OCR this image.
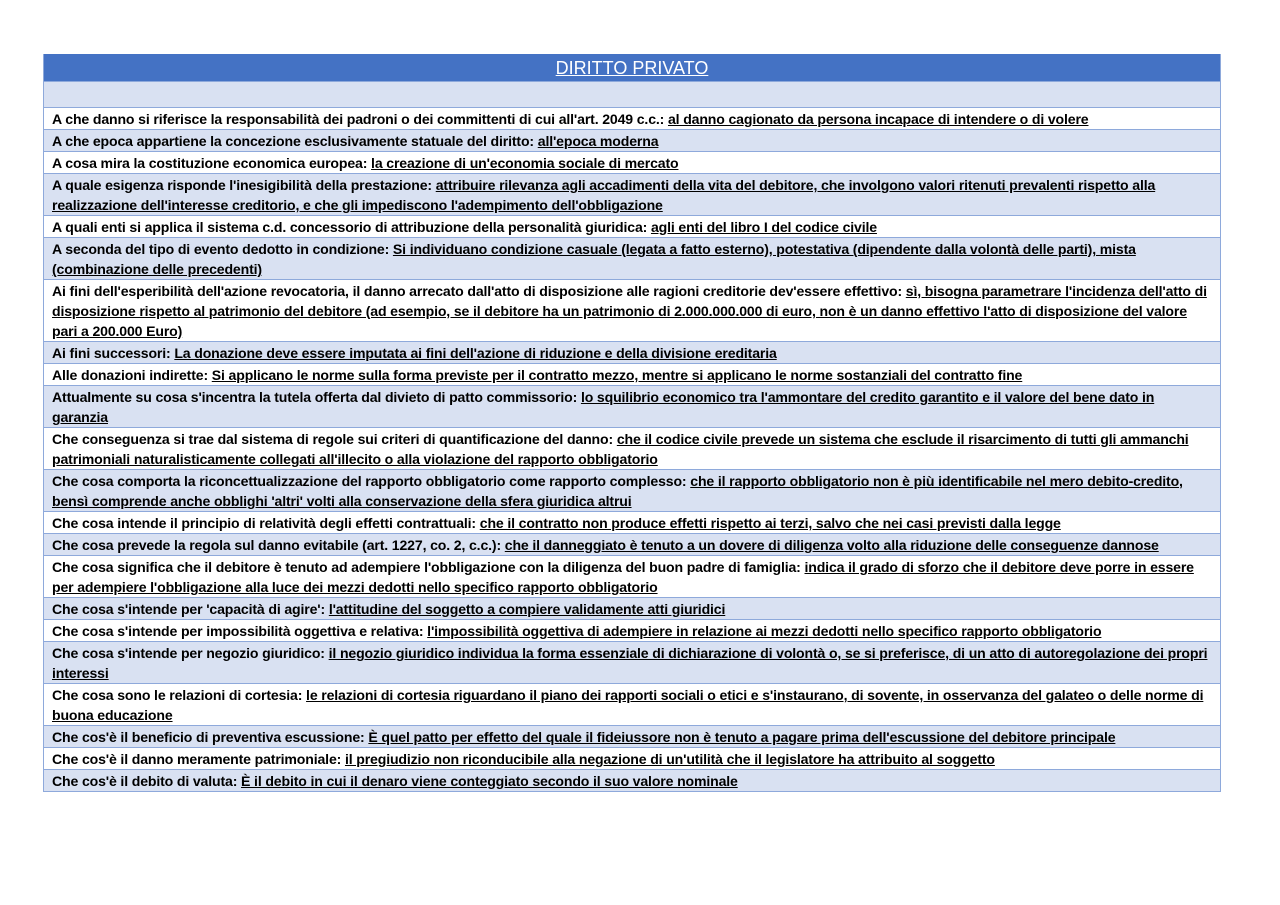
DIRITTO PRIVATO
A che danno si riferisce la responsabilità dei padroni o dei committenti di cui all'art. 2049 c.c.: al danno cagionato da persona incapace di intendere o di volere
A che epoca appartiene la concezione esclusivamente statuale del diritto: all'epoca moderna
A cosa mira la costituzione economica europea: la creazione di un'economia sociale di mercato
A quale esigenza risponde l'inesigibilità della prestazione: attribuire rilevanza agli accadimenti della vita del debitore, che involgono valori ritenuti prevalenti rispetto alla realizzazione dell'interesse creditorio, e che gli impediscono l'adempimento dell'obbligazione
A quali enti si applica il sistema c.d. concessorio di attribuzione della personalità giuridica: agli enti del libro I del codice civile
A seconda del tipo di evento dedotto in condizione: Si individuano condizione casuale (legata a fatto esterno), potestativa (dipendente dalla volontà delle parti), mista (combinazione delle precedenti)
Ai fini dell'esperibilità dell'azione revocatoria, il danno arrecato dall'atto di disposizione alle ragioni creditorie dev'essere effettivo: sì, bisogna parametrare l'incidenza dell'atto di disposizione rispetto al patrimonio del debitore (ad esempio, se il debitore ha un patrimonio di 2.000.000.000 di euro, non è un danno effettivo l'atto di disposizione del valore pari a 200.000 Euro)
Ai fini successori: La donazione deve essere imputata ai fini dell'azione di riduzione e della divisione ereditaria
Alle donazioni indirette: Si applicano le norme sulla forma previste per il contratto mezzo, mentre si applicano le norme sostanziali del contratto fine
Attualmente su cosa s'incentra la tutela offerta dal divieto di patto commissorio: lo squilibrio economico tra l'ammontare del credito garantito e il valore del bene dato in garanzia
Che conseguenza si trae dal sistema di regole sui criteri di quantificazione del danno: che il codice civile prevede un sistema che esclude il risarcimento di tutti gli ammanchi patrimoniali naturalisticamente collegati all'illecito o alla violazione del rapporto obbligatorio
Che cosa comporta la riconcettualizzazione del rapporto obbligatorio come rapporto complesso: che il rapporto obbligatorio non è più identificabile nel mero debito-credito, bensì comprende anche obblighi 'altri' volti alla conservazione della sfera giuridica altrui
Che cosa intende il principio di relatività degli effetti contrattuali: che il contratto non produce effetti rispetto ai terzi, salvo che nei casi previsti dalla legge
Che cosa prevede la regola sul danno evitabile (art. 1227, co. 2, c.c.): che il danneggiato è tenuto a un dovere di diligenza volto alla riduzione delle conseguenze dannose
Che cosa significa che il debitore è tenuto ad adempiere l'obbligazione con la diligenza del buon padre di famiglia: indica il grado di sforzo che il debitore deve porre in essere per adempiere l'obbligazione alla luce dei mezzi dedotti nello specifico rapporto obbligatorio
Che cosa s'intende per 'capacità di agire': l'attitudine del soggetto a compiere validamente atti giuridici
Che cosa s'intende per impossibilità oggettiva e relativa: l'impossibilità oggettiva di adempiere in relazione ai mezzi dedotti nello specifico rapporto obbligatorio
Che cosa s'intende per negozio giuridico: il negozio giuridico individua la forma essenziale di dichiarazione di volontà o, se si preferisce, di un atto di autoregolazione dei propri interessi
Che cosa sono le relazioni di cortesia: le relazioni di cortesia riguardano il piano dei rapporti sociali o etici e s'instaurano, di sovente, in osservanza del galateo o delle norme di buona educazione
Che cos'è il beneficio di preventiva escussione: È quel patto per effetto del quale il fideiussore non è tenuto a pagare prima dell'escussione del debitore principale
Che cos'è il danno meramente patrimoniale: il pregiudizio non riconducibile alla negazione di un'utilità che il legislatore ha attribuito al soggetto
Che cos'è il debito di valuta: È il debito in cui il denaro viene conteggiato secondo il suo valore nominale
